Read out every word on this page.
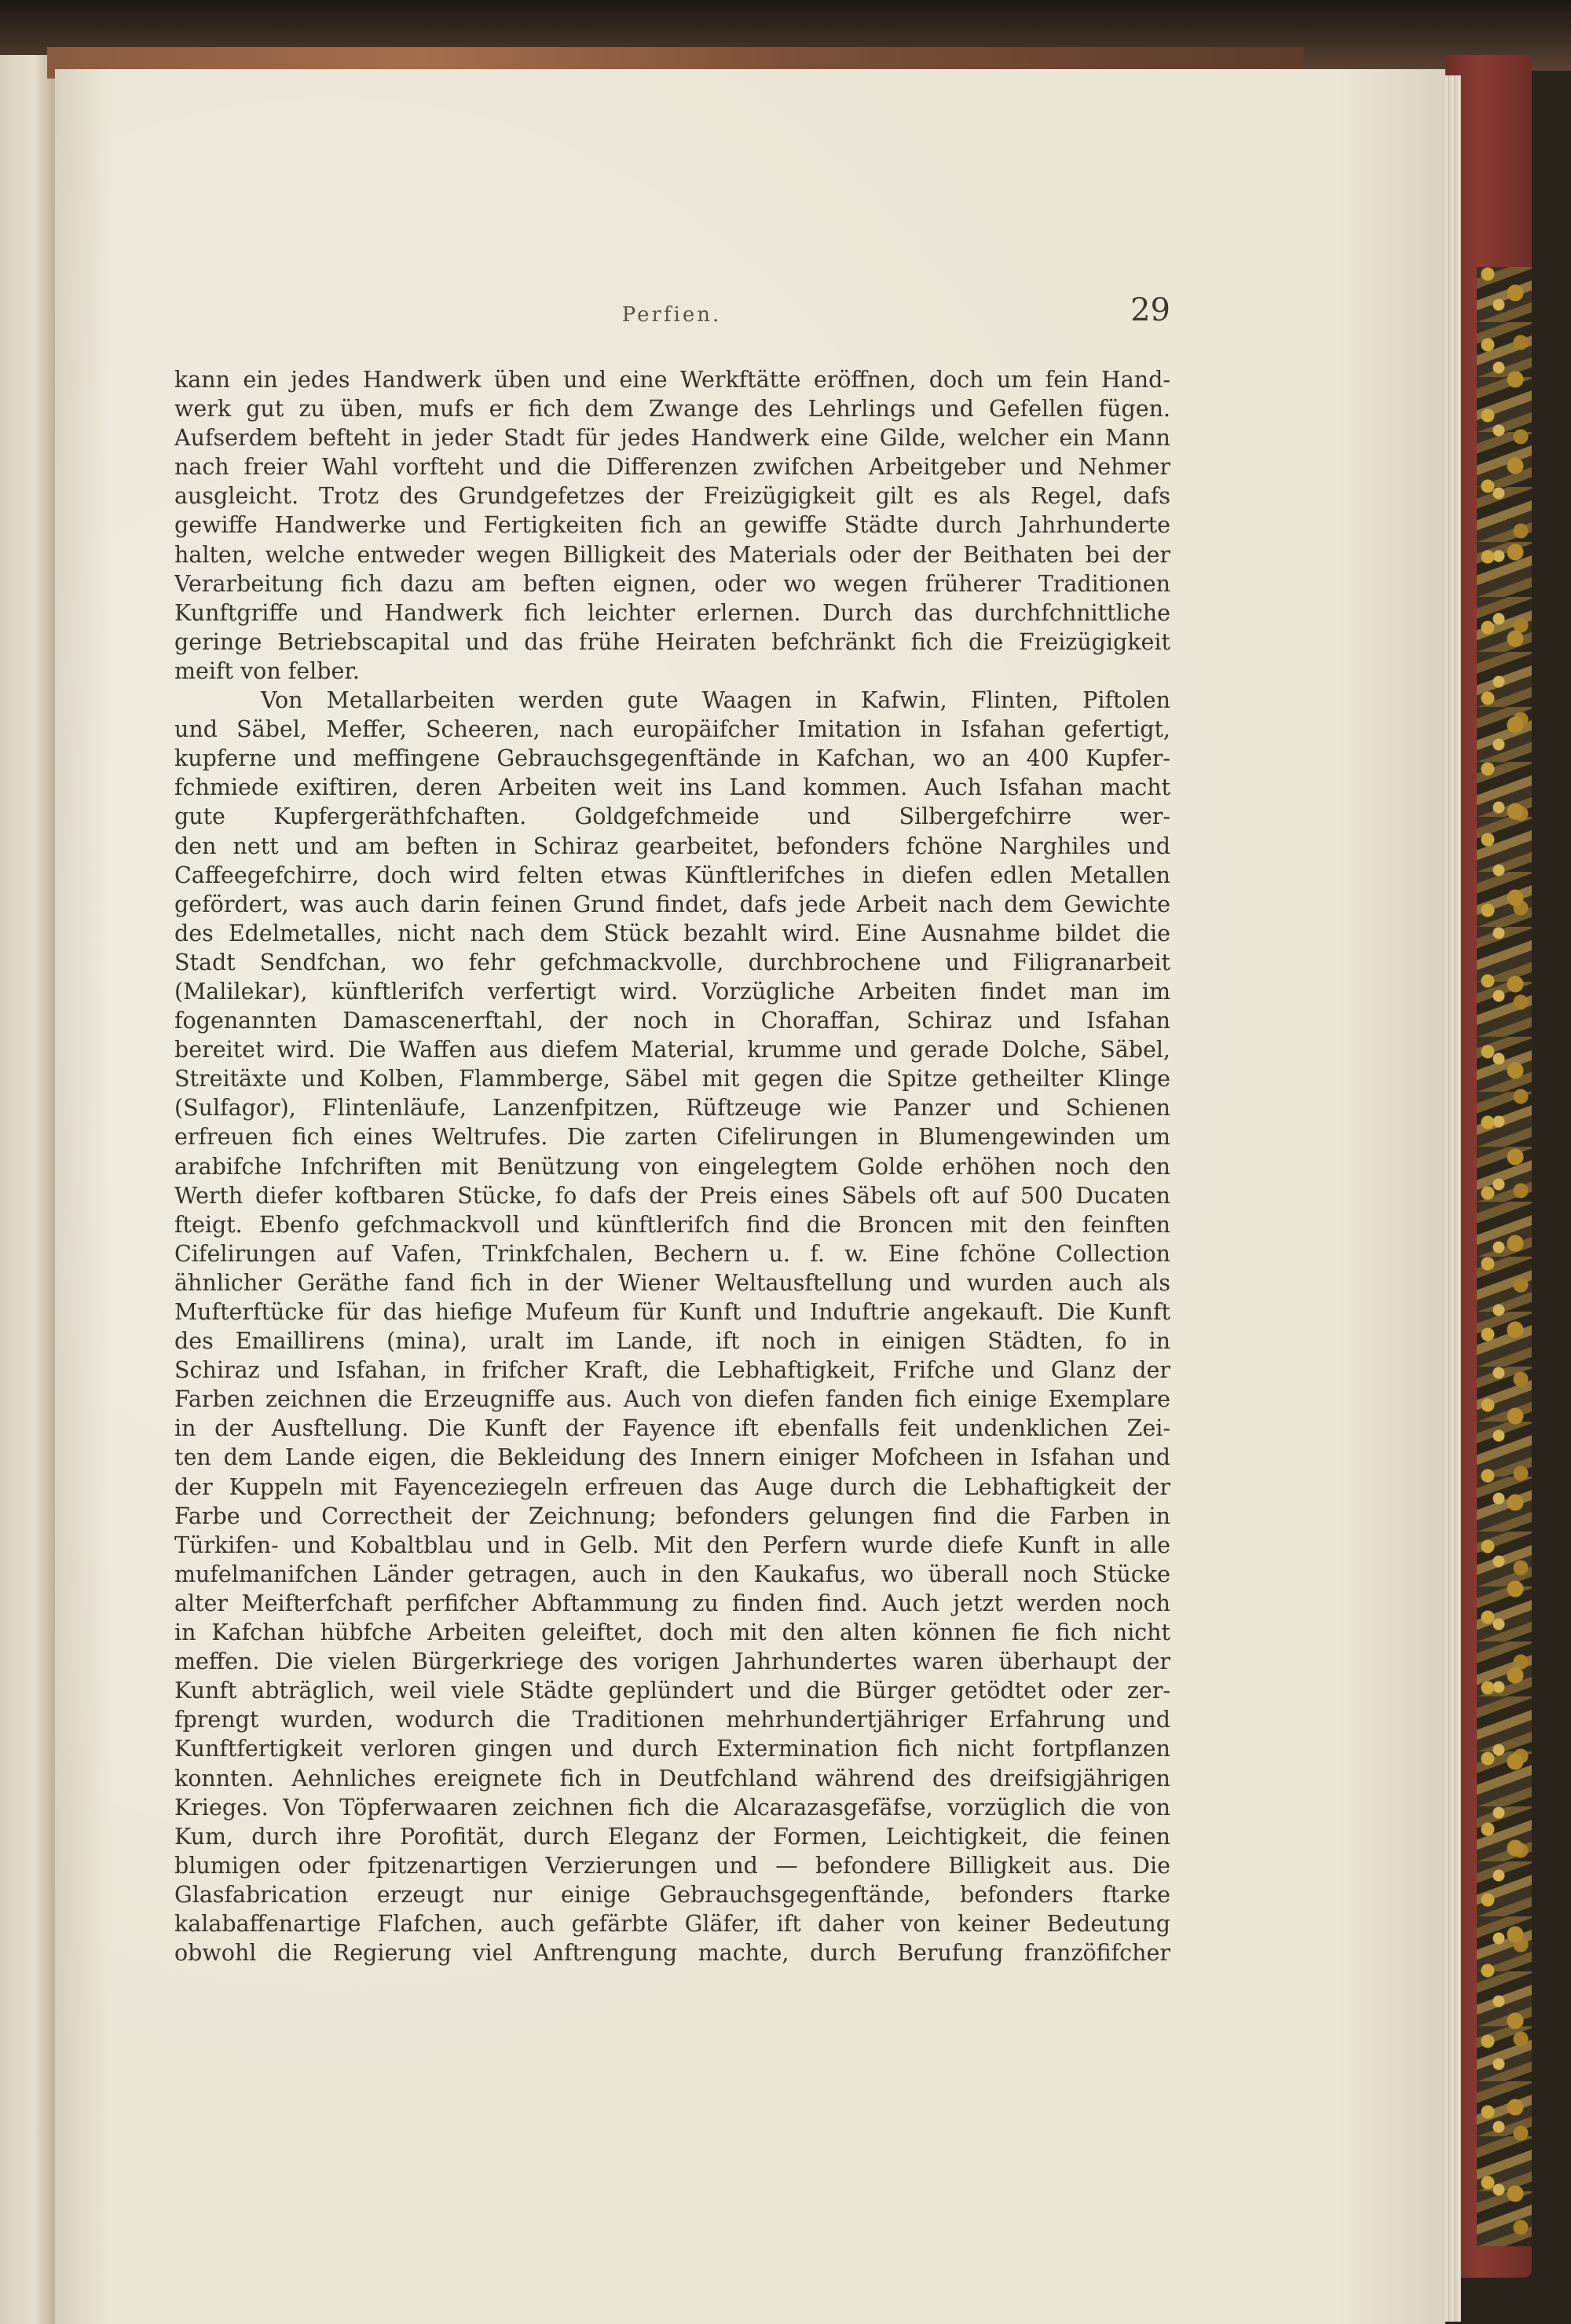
Perfien.	29
kann ein jedes Handwerk üben und eine Werkftätte eröffnen, doch um fein Hand-
werk gut zu üben, mufs er fich dem Zwange des Lehrlings und Gefellen fügen.
Aufserdem befteht in jeder Stadt für jedes Handwerk eine Gilde, welcher ein Mann
nach freier Wahl vorfteht und die Differenzen zwifchen Arbeitgeber und Nehmer
ausgleicht. Trotz des Grundgefetzes der Freizügigkeit gilt es als Regel, dafs
gewiffe Handwerke und Fertigkeiten fich an gewiffe Städte durch Jahrhunderte
halten, welche entweder wegen Billigkeit des Materials oder der Beithaten bei der
Verarbeitung fich dazu am beften eignen, oder wo wegen früherer Traditionen
Kunftgriffe und Handwerk fich leichter erlernen. Durch das durchfchnittliche
geringe Betriebscapital und das frühe Heiraten befchränkt fich die Freizügigkeit
meift von felber.
Von Metallarbeiten werden gute Waagen in Kafwin, Flinten, Piftolen
und Säbel, Meffer, Scheeren, nach europäifcher Imitation in Isfahan gefertigt,
kupferne und meffingene Gebrauchsgegenftände in Kafchan, wo an 400 Kupfer-
fchmiede exiftiren, deren Arbeiten weit ins Land kommen. Auch Isfahan macht
gute Kupfergeräthfchaften. Goldgefchmeide und Silbergefchirre wer-
den nett und am beften in Schiraz gearbeitet, befonders fchöne Narghiles und
Caffeegefchirre, doch wird felten etwas Künftlerifches in diefen edlen Metallen
gefördert, was auch darin feinen Grund findet, dafs jede Arbeit nach dem Gewichte
des Edelmetalles, nicht nach dem Stück bezahlt wird. Eine Ausnahme bildet die
Stadt Sendfchan, wo fehr gefchmackvolle, durchbrochene und Filigranarbeit
(Malilekar), künftlerifch verfertigt wird. Vorzügliche Arbeiten findet man im
fogenannten Damascenerftahl, der noch in Choraffan, Schiraz und Isfahan
bereitet wird. Die Waffen aus diefem Material, krumme und gerade Dolche, Säbel,
Streitäxte und Kolben, Flammberge, Säbel mit gegen die Spitze getheilter Klinge
(Sulfagor), Flintenläufe, Lanzenfpitzen, Rüftzeuge wie Panzer und Schienen
erfreuen fich eines Weltrufes. Die zarten Cifelirungen in Blumengewinden um
arabifche Infchriften mit Benützung von eingelegtem Golde erhöhen noch den
Werth diefer koftbaren Stücke, fo dafs der Preis eines Säbels oft auf 500 Ducaten
fteigt. Ebenfo gefchmackvoll und künftlerifch find die Broncen mit den feinften
Cifelirungen auf Vafen, Trinkfchalen, Bechern u. f. w. Eine fchöne Collection
ähnlicher Geräthe fand fich in der Wiener Weltausftellung und wurden auch als
Mufterftücke für das hiefige Mufeum für Kunft und Induftrie angekauft. Die Kunft
des Emaillirens (mina), uralt im Lande, ift noch in einigen Städten, fo in
Schiraz und Isfahan, in frifcher Kraft, die Lebhaftigkeit, Frifche und Glanz der
Farben zeichnen die Erzeugniffe aus. Auch von diefen fanden fich einige Exemplare
in der Ausftellung. Die Kunft der Fayence ift ebenfalls feit undenklichen Zei-
ten dem Lande eigen, die Bekleidung des Innern einiger Mofcheen in Isfahan und
der Kuppeln mit Fayenceziegeln erfreuen das Auge durch die Lebhaftigkeit der
Farbe und Correctheit der Zeichnung; befonders gelungen find die Farben in
Türkifen- und Kobaltblau und in Gelb. Mit den Perfern wurde diefe Kunft in alle
mufelmanifchen Länder getragen, auch in den Kaukafus, wo überall noch Stücke
alter Meifterfchaft perfifcher Abftammung zu finden find. Auch jetzt werden noch
in Kafchan hübfche Arbeiten geleiftet, doch mit den alten können fie fich nicht
meffen. Die vielen Bürgerkriege des vorigen Jahrhundertes waren überhaupt der
Kunft abträglich, weil viele Städte geplündert und die Bürger getödtet oder zer-
fprengt wurden, wodurch die Traditionen mehrhundertjähriger Erfahrung und
Kunftfertigkeit verloren gingen und durch Extermination fich nicht fortpflanzen
konnten. Aehnliches ereignete fich in Deutfchland während des dreifsigjährigen
Krieges. Von Töpferwaaren zeichnen fich die Alcarazasgefäfse, vorzüglich die von
Kum, durch ihre Porofität, durch Eleganz der Formen, Leichtigkeit, die feinen
blumigen oder fpitzenartigen Verzierungen und — befondere Billigkeit aus. Die
Glasfabrication erzeugt nur einige Gebrauchsgegenftände, befonders ftarke
kalabaffenartige Flafchen, auch gefärbte Gläfer, ift daher von keiner Bedeutung
obwohl die Regierung viel Anftrengung machte, durch Berufung franzöfifcher
